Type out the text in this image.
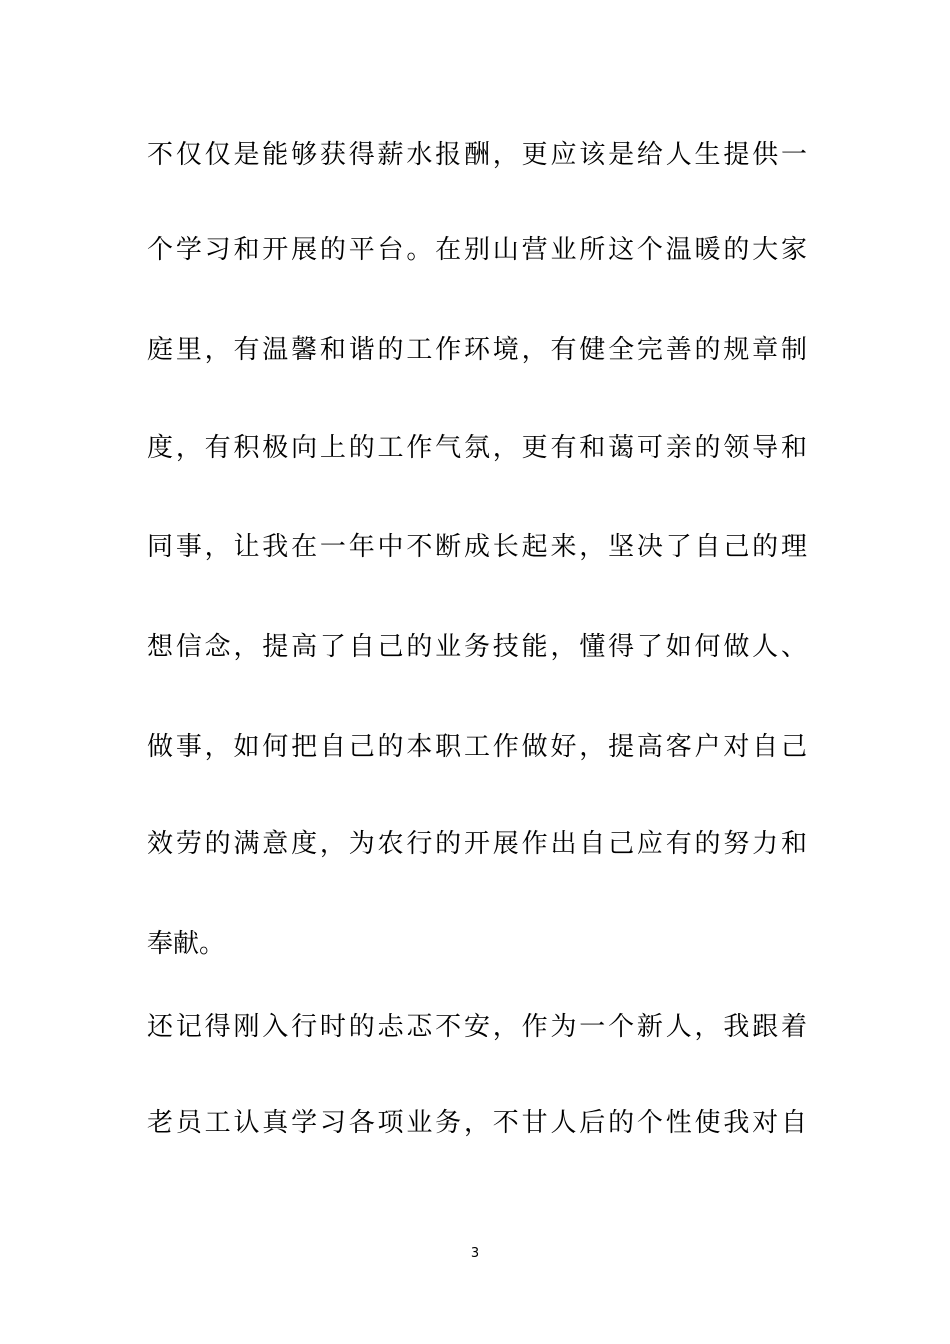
不仅仅是能够获得薪水报酬，更应该是给人生提供一
个学习和开展的平台。在别山营业所这个温暖的大家
庭里，有温馨和谐的工作环境，有健全完善的规章制
度，有积极向上的工作气氛，更有和蔼可亲的领导和
同事，让我在一年中不断成长起来，坚决了自己的理
想信念，提高了自己的业务技能，懂得了如何做人、
做事，如何把自己的本职工作做好，提高客户对自己
效劳的满意度，为农行的开展作出自己应有的努力和
奉献。
还记得刚入行时的忐忑不安，作为一个新人，我跟着
老员工认真学习各项业务，不甘人后的个性使我对自
3
